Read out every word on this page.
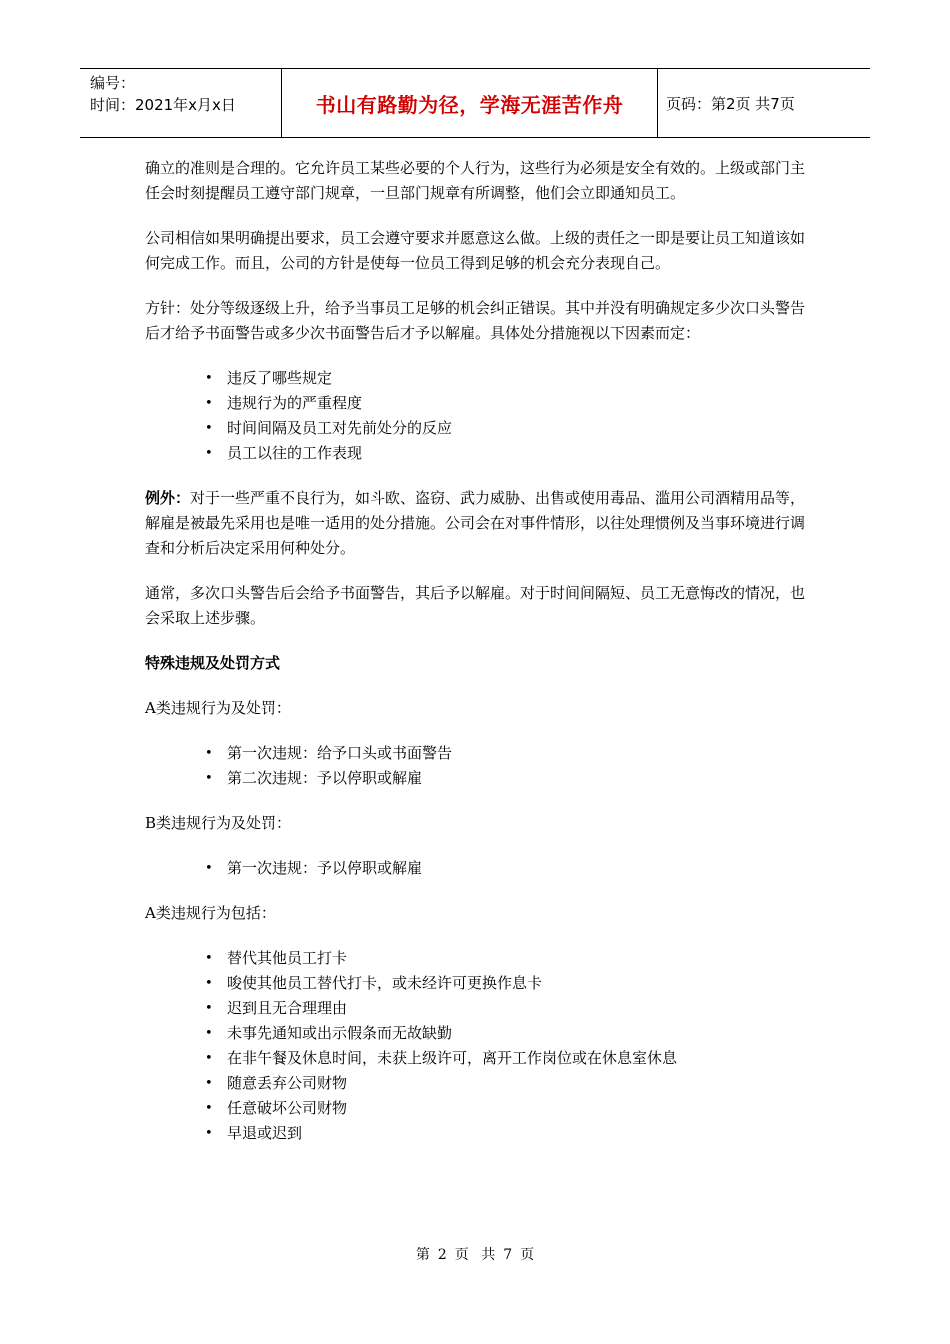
编号：
时间：2021年x月x日	书山有路勤为径，学海无涯苦作舟	页码：第2页 共7页

确立的准则是合理的。它允许员工某些必要的个人行为，这些行为必须是安全有效的。上级或部门主任会时刻提醒员工遵守部门规章，一旦部门规章有所调整，他们会立即通知员工。

公司相信如果明确提出要求，员工会遵守要求并愿意这么做。上级的责任之一即是要让员工知道该如何完成工作。而且，公司的方针是使每一位员工得到足够的机会充分表现自己。

方针：处分等级逐级上升，给予当事员工足够的机会纠正错误。其中并没有明确规定多少次口头警告后才给予书面警告或多少次书面警告后才予以解雇。具体处分措施视以下因素而定：

• 违反了哪些规定
• 违规行为的严重程度
• 时间间隔及员工对先前处分的反应
• 员工以往的工作表现

例外：对于一些严重不良行为，如斗欧、盗窃、武力威胁、出售或使用毒品、滥用公司酒精用品等，解雇是被最先采用也是唯一适用的处分措施。公司会在对事件情形，以往处理惯例及当事环境进行调查和分析后决定采用何种处分。

通常，多次口头警告后会给予书面警告，其后予以解雇。对于时间间隔短、员工无意悔改的情况，也会采取上述步骤。

特殊违规及处罚方式

A类违规行为及处罚：

• 第一次违规：给予口头或书面警告
• 第二次违规：予以停职或解雇

B类违规行为及处罚：

• 第一次违规：予以停职或解雇

A类违规行为包括：

• 替代其他员工打卡
• 唆使其他员工替代打卡，或未经许可更换作息卡
• 迟到且无合理理由
• 未事先通知或出示假条而无故缺勤
• 在非午餐及休息时间，未获上级许可，离开工作岗位或在休息室休息
• 随意丢弃公司财物
• 任意破坏公司财物
• 早退或迟到
第 2 页 共 7 页
